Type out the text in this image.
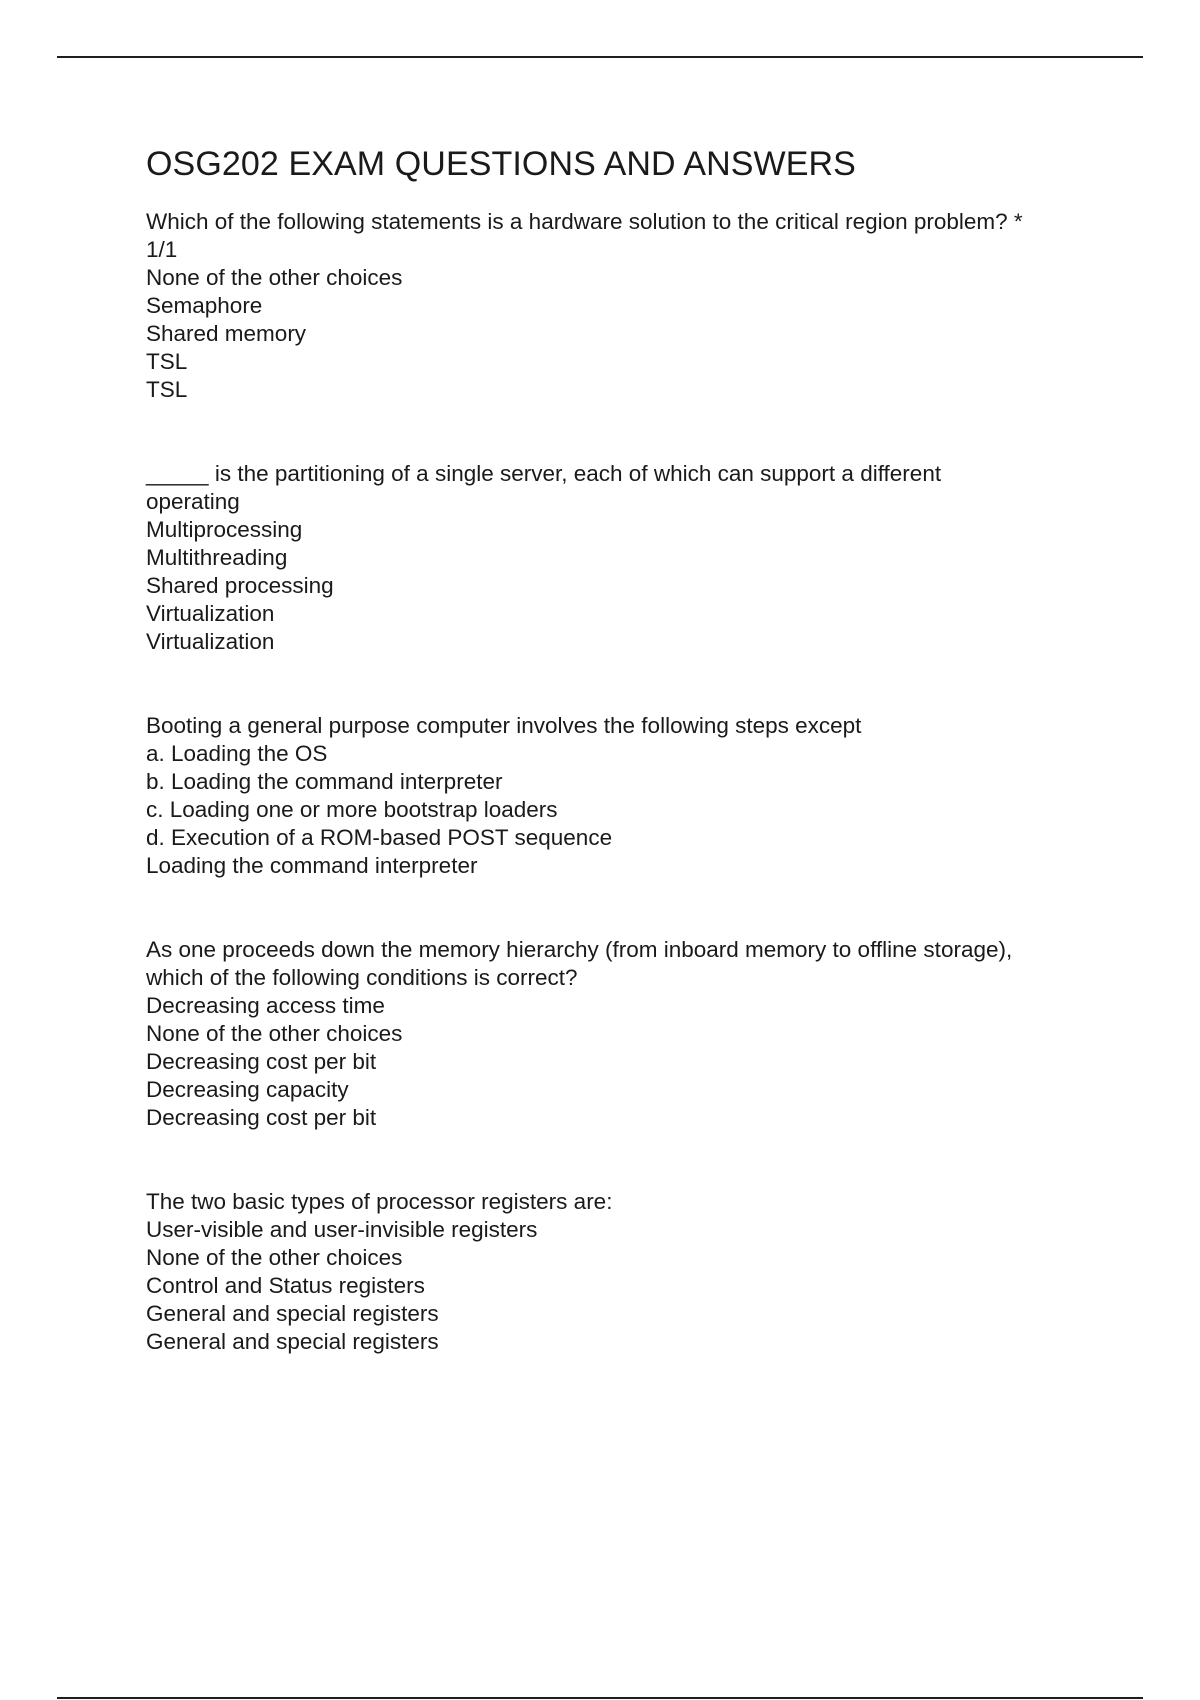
OSG202 EXAM QUESTIONS AND ANSWERS
Which of the following statements is a hardware solution to the critical region problem? *
1/1
None of the other choices
Semaphore
Shared memory
TSL
TSL
_____ is the partitioning of a single server, each of which can support a different
operating
Multiprocessing
Multithreading
Shared processing
Virtualization
Virtualization
Booting a general purpose computer involves the following steps except
a. Loading the OS
b. Loading the command interpreter
c. Loading one or more bootstrap loaders
d. Execution of a ROM-based POST sequence
Loading the command interpreter
As one proceeds down the memory hierarchy (from inboard memory to offline storage),
which of the following conditions is correct?
Decreasing access time
None of the other choices
Decreasing cost per bit
Decreasing capacity
Decreasing cost per bit
The two basic types of processor registers are:
User-visible and user-invisible registers
None of the other choices
Control and Status registers
General and special registers
General and special registers
